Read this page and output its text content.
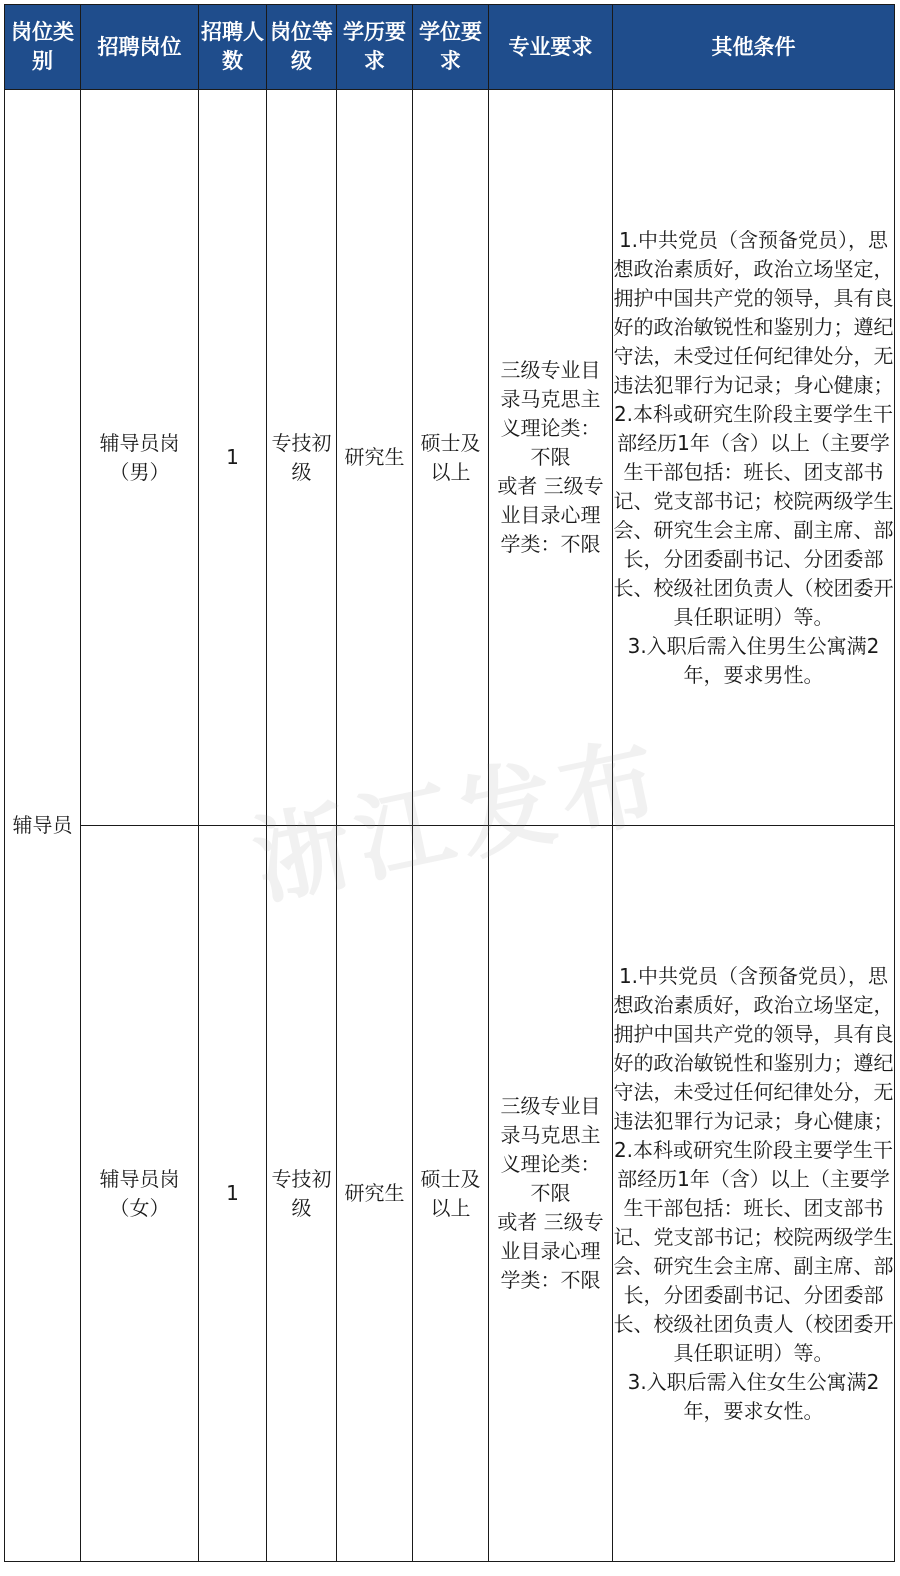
岗位类别	招聘岗位	招聘人数	岗位等级	学历要求	学位要求	专业要求	其他条件

辅导员	辅导员岗（男）	1	专技初级	研究生	硕士及以上	三级专业目录马克思主义理论类：不限
或者 三级专业目录心理学类：不限	1.中共党员（含预备党员），思想政治素质好，政治立场坚定，拥护中国共产党的领导，具有良好的政治敏锐性和鉴别力；遵纪守法，未受过任何纪律处分，无违法犯罪行为记录；身心健康；
2.本科或研究生阶段主要学生干部经历1年（含）以上（主要学生干部包括：班长、团支部书记、党支部书记；校院两级学生会、研究生会主席、副主席、部长，分团委副书记、分团委部长、校级社团负责人（校团委开具任职证明）等。
3.入职后需入住男生公寓满2年，要求男性。

	辅导员岗（女）	1	专技初级	研究生	硕士及以上	三级专业目录马克思主义理论类：不限
或者 三级专业目录心理学类：不限	1.中共党员（含预备党员），思想政治素质好，政治立场坚定，拥护中国共产党的领导，具有良好的政治敏锐性和鉴别力；遵纪守法，未受过任何纪律处分，无违法犯罪行为记录；身心健康；
2.本科或研究生阶段主要学生干部经历1年（含）以上（主要学生干部包括：班长、团支部书记、党支部书记；校院两级学生会、研究生会主席、副主席、部长，分团委副书记、分团委部长、校级社团负责人（校团委开具任职证明）等。
3.入职后需入住女生公寓满2年，要求女性。
浙江发布
